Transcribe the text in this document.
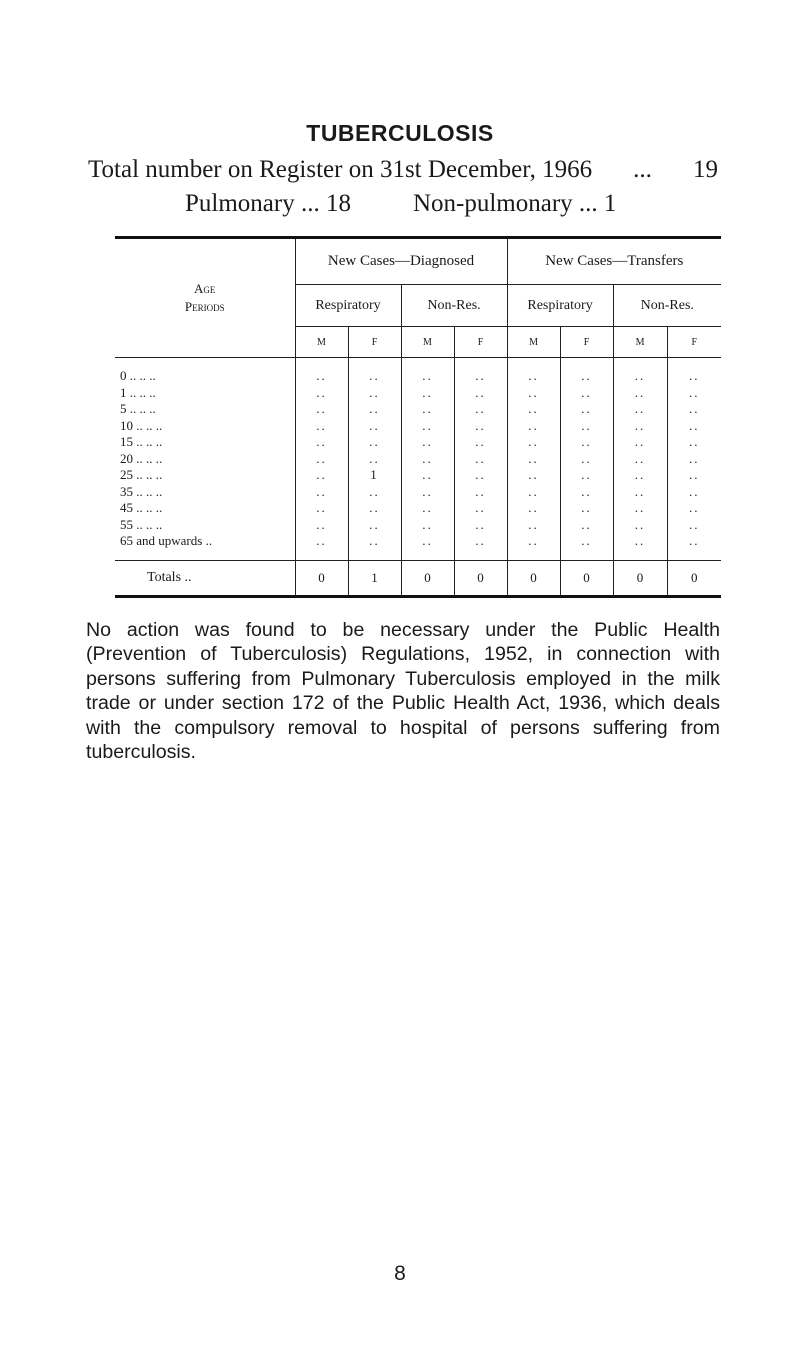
TUBERCULOSIS
Total number on Register on 31st December, 1966 ... 19
Pulmonary ... 18 Non-pulmonary ... 1
Age
Periods	New Cases—Diagnosed				New Cases—Transfers			
	Respiratory		Non-Res.		Respiratory		Non-Res.	
	M	F	M	F	M	F	M	F

0 .. .. ..	..	..	..	..	..	..	..	..
1 .. .. ..	..	..	..	..	..	..	..	..
5 .. .. ..	..	..	..	..	..	..	..	..
10 .. .. ..	..	..	..	..	..	..	..	..
15 .. .. ..	..	..	..	..	..	..	..	..
20 .. .. ..	..	..	..	..	..	..	..	..
25 .. .. ..	..	1	..	..	..	..	..	..
35 .. .. ..	..	..	..	..	..	..	..	..
45 .. .. ..	..	..	..	..	..	..	..	..
55 .. .. ..	..	..	..	..	..	..	..	..
65 and upwards ..	..	..	..	..	..	..	..	..

Totals ..	0	1	0	0	0	0	0	0
No action was found to be necessary under the Public Health (Prevention of Tuberculosis) Regulations, 1952, in connection with persons suffering from Pulmonary Tuberculosis employed in the milk trade or under section 172 of the Public Health Act, 1936, which deals with the compulsory removal to hospital of persons suffering from tuberculosis.
8
